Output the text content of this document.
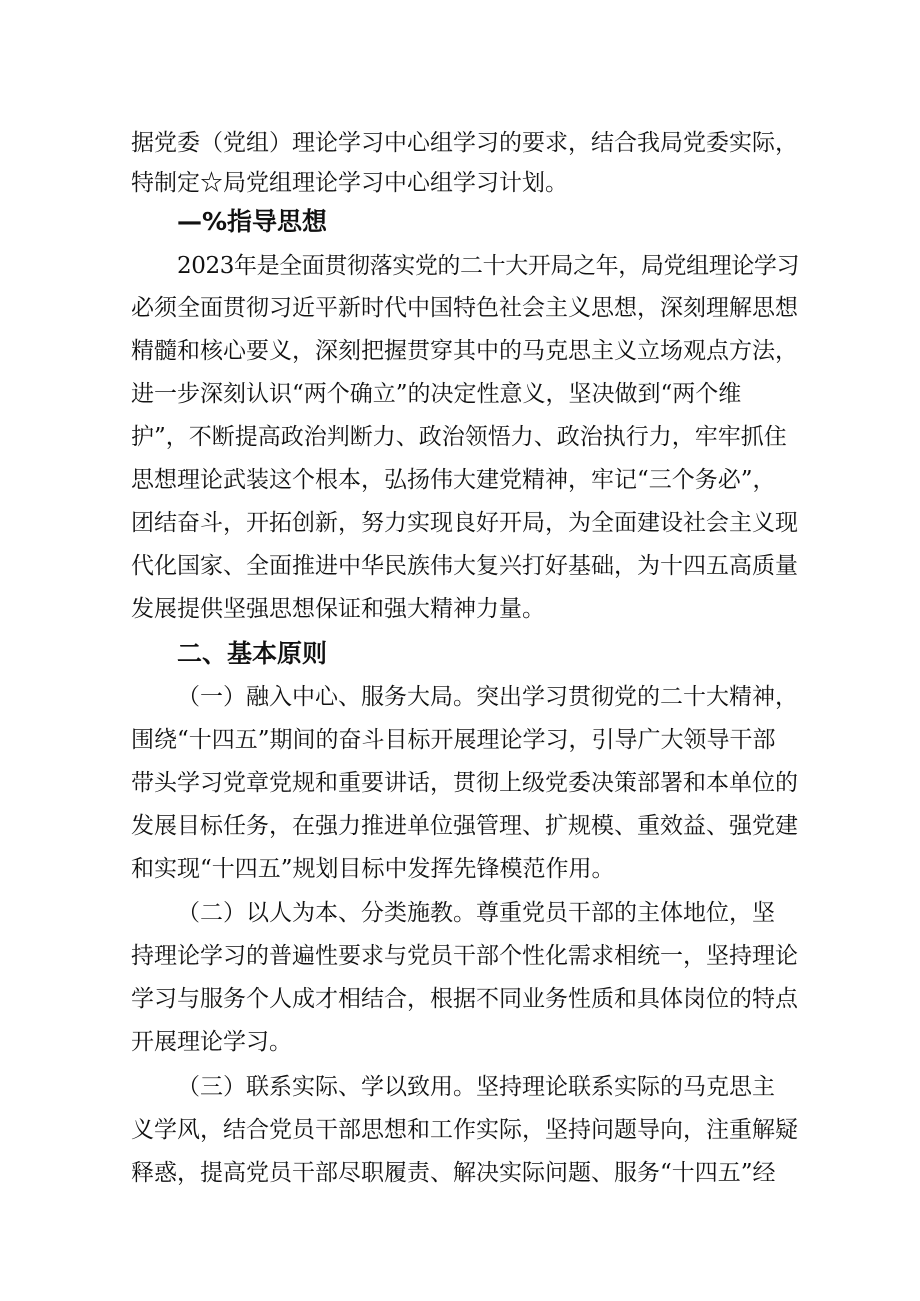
据党委（党组）理论学习中心组学习的要求，结合我局党委实际，
特制定☆局党组理论学习中心组学习计划。
—%指导思想
2023年是全面贯彻落实党的二十大开局之年，局党组理论学习
必须全面贯彻习近平新时代中国特色社会主义思想，深刻理解思想
精髓和核心要义，深刻把握贯穿其中的马克思主义立场观点方法，
进一步深刻认识“两个确立”的决定性意义，坚决做到“两个维
护”，不断提高政治判断力、政治领悟力、政治执行力，牢牢抓住
思想理论武装这个根本，弘扬伟大建党精神，牢记“三个务必”，
团结奋斗，开拓创新，努力实现良好开局，为全面建设社会主义现
代化国家、全面推进中华民族伟大复兴打好基础，为十四五高质量
发展提供坚强思想保证和强大精神力量。
二、基本原则
（一）融入中心、服务大局。突出学习贯彻党的二十大精神，
围绕“十四五”期间的奋斗目标开展理论学习，引导广大领导干部
带头学习党章党规和重要讲话，贯彻上级党委决策部署和本单位的
发展目标任务，在强力推进单位强管理、扩规模、重效益、强党建
和实现“十四五”规划目标中发挥先锋模范作用。
（二）以人为本、分类施教。尊重党员干部的主体地位，坚
持理论学习的普遍性要求与党员干部个性化需求相统一，坚持理论
学习与服务个人成才相结合，根据不同业务性质和具体岗位的特点
开展理论学习。
（三）联系实际、学以致用。坚持理论联系实际的马克思主
义学风，结合党员干部思想和工作实际，坚持问题导向，注重解疑
释惑，提高党员干部尽职履责、解决实际问题、服务“十四五”经
